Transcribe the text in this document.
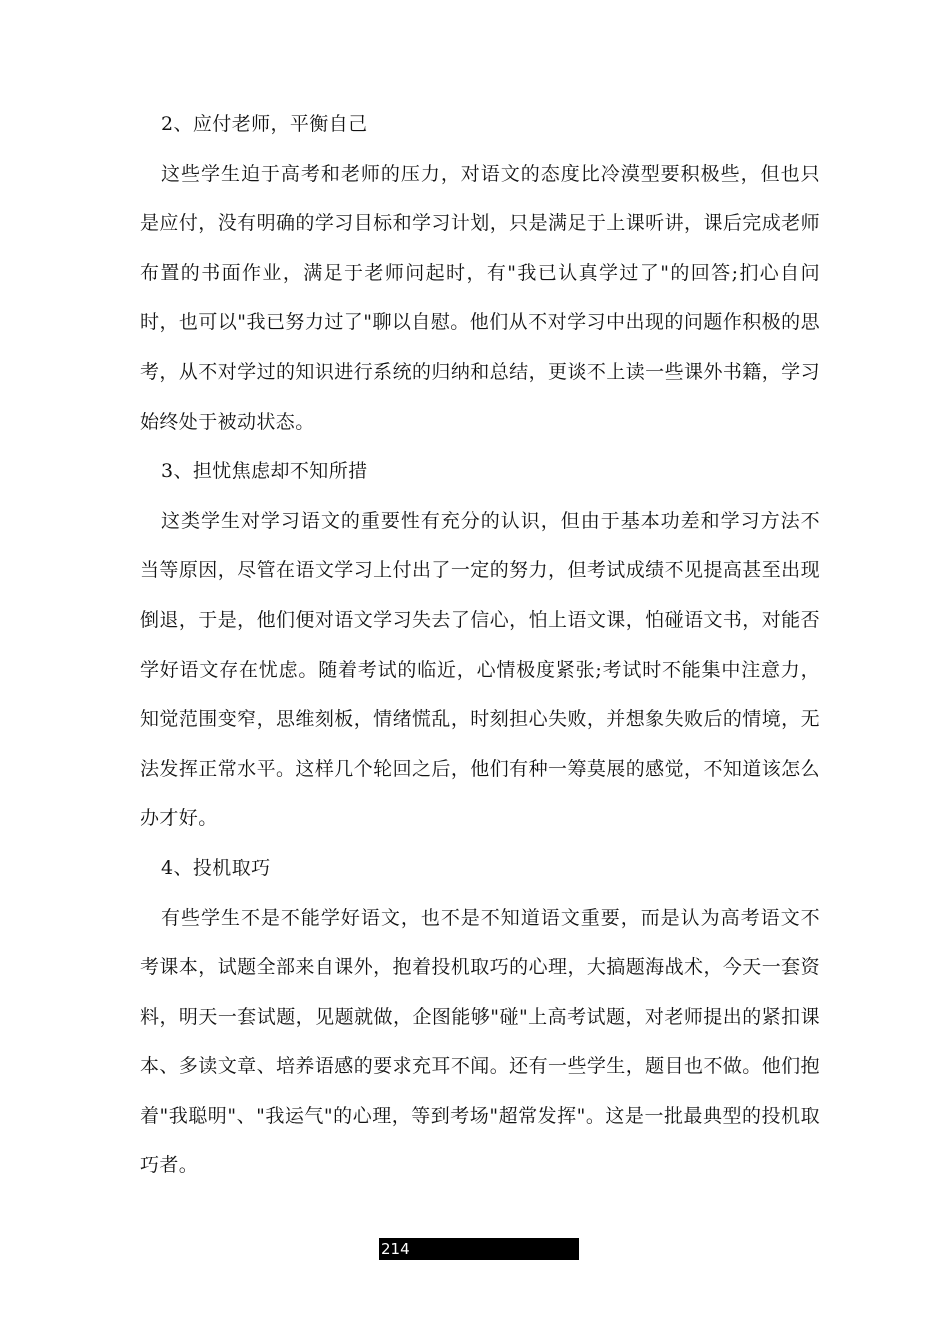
2、应付老师，平衡自己

这些学生迫于高考和老师的压力，对语文的态度比冷漠型要积极些，但也只是应付，没有明确的学习目标和学习计划，只是满足于上课听讲，课后完成老师布置的书面作业，满足于老师问起时，有"我已认真学过了"的回答;扪心自问时，也可以"我已努力过了"聊以自慰。他们从不对学习中出现的问题作积极的思考，从不对学过的知识进行系统的归纳和总结，更谈不上读一些课外书籍，学习始终处于被动状态。

3、担忧焦虑却不知所措

这类学生对学习语文的重要性有充分的认识，但由于基本功差和学习方法不当等原因，尽管在语文学习上付出了一定的努力，但考试成绩不见提高甚至出现倒退，于是，他们便对语文学习失去了信心，怕上语文课，怕碰语文书，对能否学好语文存在忧虑。随着考试的临近，心情极度紧张;考试时不能集中注意力，知觉范围变窄，思维刻板，情绪慌乱，时刻担心失败，并想象失败后的情境，无法发挥正常水平。这样几个轮回之后，他们有种一筹莫展的感觉，不知道该怎么办才好。

4、投机取巧

有些学生不是不能学好语文，也不是不知道语文重要，而是认为高考语文不考课本，试题全部来自课外，抱着投机取巧的心理，大搞题海战术，今天一套资料，明天一套试题，见题就做，企图能够"碰"上高考试题，对老师提出的紧扣课本、多读文章、培养语感的要求充耳不闻。还有一些学生，题目也不做。他们抱着"我聪明"、"我运气"的心理，等到考场"超常发挥"。这是一批最典型的投机取巧者。

214
